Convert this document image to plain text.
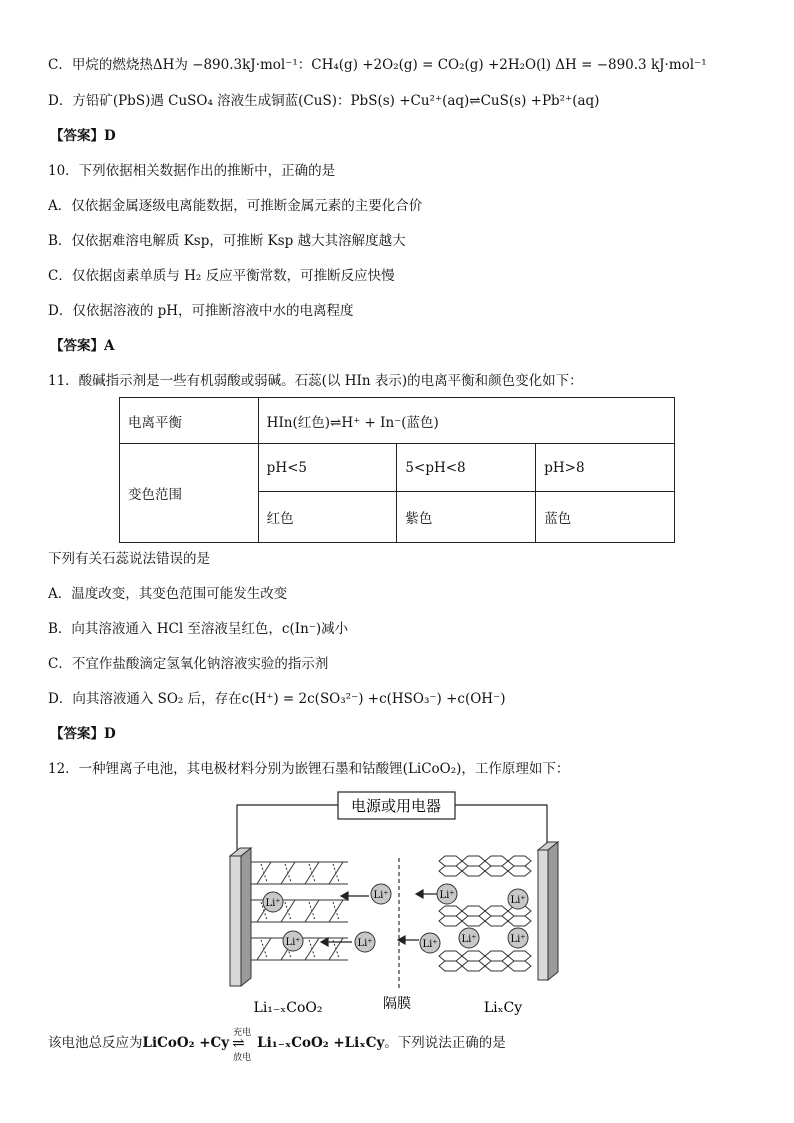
C．甲烷的燃烧热ΔH为 −890.3kJ·mol⁻¹：CH₄(g) +2O₂(g) = CO₂(g) +2H₂O(l) ΔH = −890.3 kJ·mol⁻¹
D．方铅矿(PbS)遇 CuSO₄ 溶液生成铜蓝(CuS)：PbS(s) +Cu²⁺(aq)⇌CuS(s) +Pb²⁺(aq)
【答案】D
10．下列依据相关数据作出的推断中，正确的是
A．仅依据金属逐级电离能数据，可推断金属元素的主要化合价
B．仅依据难溶电解质 Ksp，可推断 Ksp 越大其溶解度越大
C．仅依据卤素单质与 H₂ 反应平衡常数，可推断反应快慢
D．仅依据溶液的 pH，可推断溶液中水的电离程度
【答案】A
11．酸碱指示剂是一些有机弱酸或弱碱。石蕊(以 HIn 表示)的电离平衡和颜色变化如下：
电离平衡	HIn(红色)⇌H⁺ + In⁻(蓝色)		
变色范围	pH<5	5<pH<8	pH>8
	红色	紫色	蓝色
下列有关石蕊说法错误的是
A．温度改变，其变色范围可能发生改变
B．向其溶液通入 HCl 至溶液呈红色，c(In⁻)减小
C．不宜作盐酸滴定氢氧化钠溶液实验的指示剂
D．向其溶液通入 SO₂ 后，存在c(H⁺) = 2c(SO₃²⁻) +c(HSO₃⁻) +c(OH⁻)
【答案】D
12．一种锂离子电池，其电极材料分别为嵌锂石墨和钴酸锂(LiCoO₂)，工作原理如下：
电源或用电器
Li⁺
Li⁺
Li⁺
Li⁺	Li⁺
Li⁺	Li⁺
Li⁺	Li⁺
Li₁₋ₓCoO₂	隔膜	LiₓCy
该电池总反应为LiCoO₂ +Cy
充电
⇌
放电
Li₁₋ₓCoO₂ +LiₓCy。下列说法正确的是
